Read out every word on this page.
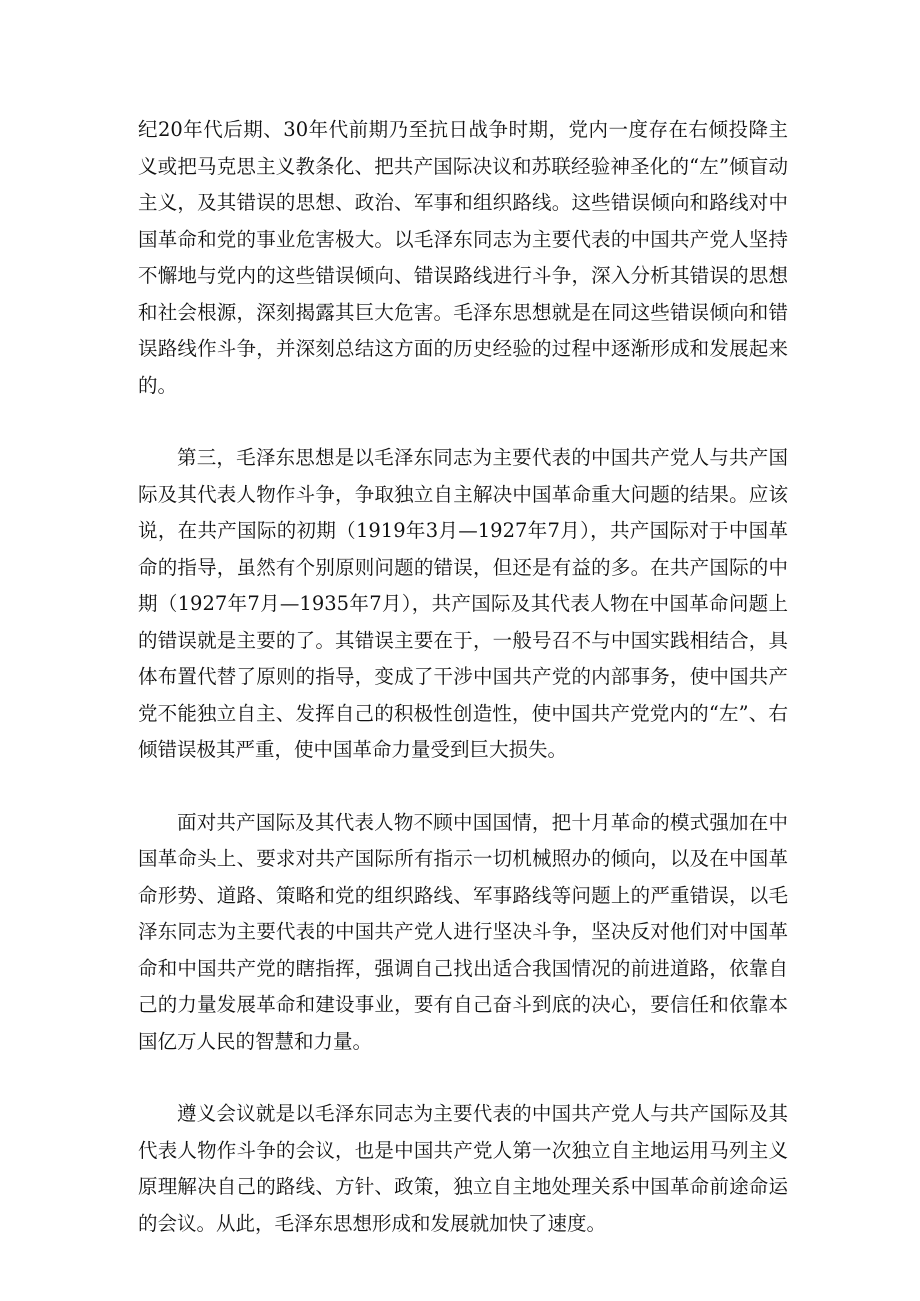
纪20年代后期、30年代前期乃至抗日战争时期，党内一度存在右倾投降主义或把马克思主义教条化、把共产国际决议和苏联经验神圣化的“左”倾盲动主义，及其错误的思想、政治、军事和组织路线。这些错误倾向和路线对中国革命和党的事业危害极大。以毛泽东同志为主要代表的中国共产党人坚持不懈地与党内的这些错误倾向、错误路线进行斗争，深入分析其错误的思想和社会根源，深刻揭露其巨大危害。毛泽东思想就是在同这些错误倾向和错误路线作斗争，并深刻总结这方面的历史经验的过程中逐渐形成和发展起来的。

第三，毛泽东思想是以毛泽东同志为主要代表的中国共产党人与共产国际及其代表人物作斗争，争取独立自主解决中国革命重大问题的结果。应该说，在共产国际的初期（1919年3月—1927年7月），共产国际对于中国革命的指导，虽然有个别原则问题的错误，但还是有益的多。在共产国际的中期（1927年7月—1935年7月），共产国际及其代表人物在中国革命问题上的错误就是主要的了。其错误主要在于，一般号召不与中国实践相结合，具体布置代替了原则的指导，变成了干涉中国共产党的内部事务，使中国共产党不能独立自主、发挥自己的积极性创造性，使中国共产党党内的“左”、右倾错误极其严重，使中国革命力量受到巨大损失。

面对共产国际及其代表人物不顾中国国情，把十月革命的模式强加在中国革命头上、要求对共产国际所有指示一切机械照办的倾向，以及在中国革命形势、道路、策略和党的组织路线、军事路线等问题上的严重错误，以毛泽东同志为主要代表的中国共产党人进行坚决斗争，坚决反对他们对中国革命和中国共产党的瞎指挥，强调自己找出适合我国情况的前进道路，依靠自己的力量发展革命和建设事业，要有自己奋斗到底的决心，要信任和依靠本国亿万人民的智慧和力量。

遵义会议就是以毛泽东同志为主要代表的中国共产党人与共产国际及其代表人物作斗争的会议，也是中国共产党人第一次独立自主地运用马列主义原理解决自己的路线、方针、政策，独立自主地处理关系中国革命前途命运的会议。从此，毛泽东思想形成和发展就加快了速度。
